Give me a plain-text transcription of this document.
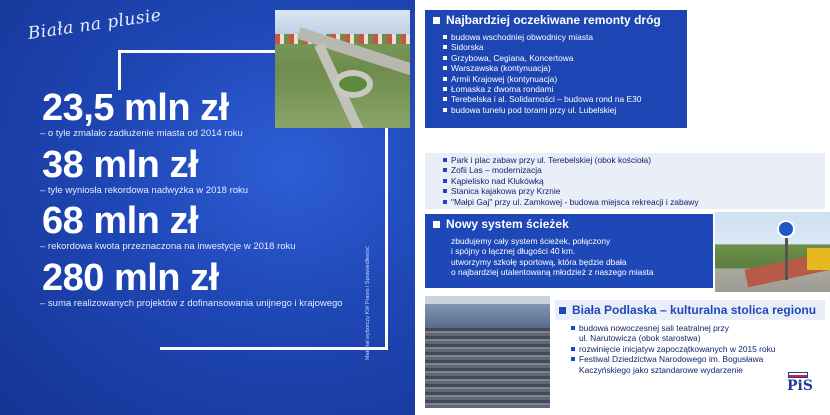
Biała na plusie
23,5 mln zł
– o tyle zmalało zadłużenie miasta od 2014 roku
38 mln zł
– tyle wyniosła rekordowa nadwyżka w 2018 roku
68 mln zł
– rekordowa kwota przeznaczona na inwestycje w 2018 roku
280 mln zł
– suma realizowanych projektów z dofinansowania unijnego i krajowego	Materiał wyborczy KW Prawo i Sprawiedliwość
Najbardziej oczekiwane remonty dróg
budowa wschodniej obwodnicy miasta
Sidorska
Grzybowa, Cegiana, Koncertowa
Warszawska (kontynuacja)
Armii Krajowej (kontynuacja)
Łomaska z dwoma rondami
Terebelska i al. Solidarności – budowa rond na E30
budowa tunelu pod torami przy ul. Lubelskiej
Modernizacja i budowa parków oraz miejsc rekreacji
Park i plac zabaw przy ul. Terebelskiej (obok kościoła)
Zofii Las – modernizacja
Kąpielisko nad Klukówką
Stanica kajakowa przy Krznie
"Małpi Gaj" przy ul. Zamkowej - budowa miejsca rekreacji i zabawy
Nowy system ścieżek
zbudujemy cały system ścieżek, połączony
i spójny o łącznej długości 40 km.
utworzymy szkołę sportową, która będzie dbała
o najbardziej utalentowaną młodzież z naszego miasta
Biała Podlaska – kulturalna stolica regionu
budowa nowoczesnej sali teatralnej przy
ul. Narutowicza (obok starostwa)
rozwinięcie inicjatyw zapoczątkowanych w 2015 roku
Festiwal Dziedzictwa Narodowego im. Bogusława
Kaczyńskiego jako sztandarowe wydarzenie
PiS
